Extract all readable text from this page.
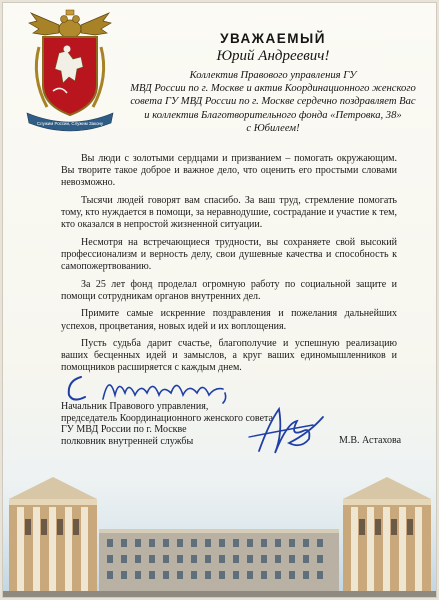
Служим России, Служим Закону
УВАЖАЕМЫЙ
Юрий Андреевич!
Коллектив Правового управления ГУ
МВД России по г. Москве и актив Координационного женского
совета ГУ МВД России по г. Москве сердечно поздравляет Вас
и коллектив Благотворительного фонда «Петровка, 38»
с Юбилеем!

Вы люди с золотыми сердцами и призванием – помогать окружающим. Вы творите такое доброе и важное дело, что оценить его простыми словами невозможно.

Тысячи людей говорят вам спасибо. За ваш труд, стремление помогать тому, кто нуждается в помощи, за неравнодушие, сострадание и участие к тем, кто оказался в непростой жизненной ситуации.

Несмотря на встречающиеся трудности, вы сохраняете свой высокий профессионализм и верность делу, свои душевные качества и способность к самопожертвованию.

За 25 лет фонд проделал огромную работу по социальной защите и помощи сотрудникам органов внутренних дел.

Примите самые искренние поздравления и пожелания дальнейших успехов, процветания, новых идей и их воплощения.

Пусть судьба дарит счастье, благополучие и успешную реализацию ваших бесценных идей и замыслов, а круг ваших единомышленников и помощников расширяется с каждым днем.

Начальник Правового управления,
председатель Координационного женского совета
ГУ МВД России по г. Москве
полковник внутренней службы	М.В. Астахова
